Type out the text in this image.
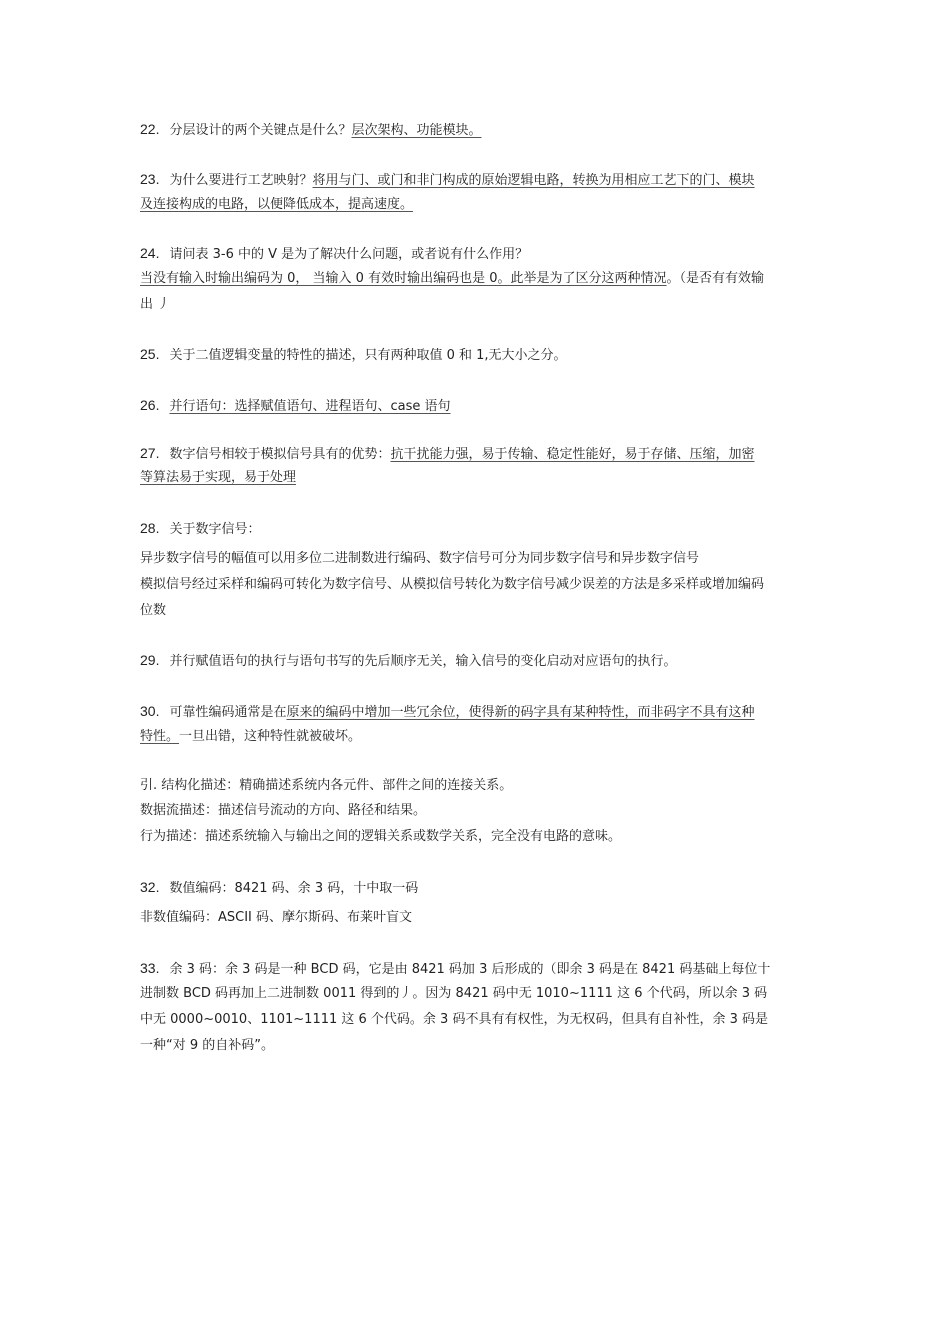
22. 分层设计的两个关键点是什么？层次架构、功能模块。
23. 为什么要进行工艺映射？将用与门、或门和非门构成的原始逻辑电路，转换为用相应工艺下的门、模块
及连接构成的电路，以便降低成本，提高速度。
24. 请问表 3-6 中的 V 是为了解决什么问题，或者说有什么作用？
当没有输入时输出编码为 0， 当输入 0 有效时输出编码也是 0。此举是为了区分这两种情况。（是否有有效输
出 丿
25. 关于二值逻辑变量的特性的描述，只有两种取值 0 和 1,无大小之分。
26. 并行语句：选择赋值语句、进程语句、case 语句
27. 数字信号相较于模拟信号具有的优势：抗干扰能力强，易于传输、稳定性能好，易于存储、压缩，加密
等算法易于实现，易于处理
28. 关于数字信号：
异步数字信号的幅值可以用多位二进制数进行编码、数字信号可分为同步数字信号和异步数字信号
模拟信号经过采样和编码可转化为数字信号、从模拟信号转化为数字信号减少误差的方法是多采样或增加编码
位数
29. 并行赋值语句的执行与语句书写的先后顺序无关，输入信号的变化启动对应语句的执行。
30. 可靠性编码通常是在原来的编码中增加一些冗余位，使得新的码字具有某种特性，而非码字不具有这种
特性。一旦出错，这种特性就被破坏。
引. 结构化描述：精确描述系统内各元件、部件之间的连接关系。
数据流描述：描述信号流动的方向、路径和结果。
行为描述：描述系统输入与输出之间的逻辑关系或数学关系，完全没有电路的意味。
32. 数值编码：8421 码、余 3 码，十中取一码
非数值编码：ASCII 码、摩尔斯码、布莱叶盲文
33. 余 3 码：余 3 码是一种 BCD 码，它是由 8421 码加 3 后形成的（即余 3 码是在 8421 码基础上每位十
进制数 BCD 码再加上二进制数 0011 得到的丿。因为 8421 码中无 1010~1111 这 6 个代码，所以余 3 码
中无 0000~0010、1101~1111 这 6 个代码。余 3 码不具有有权性，为无权码，但具有自补性，余 3 码是
一种“对 9 的自补码”。
